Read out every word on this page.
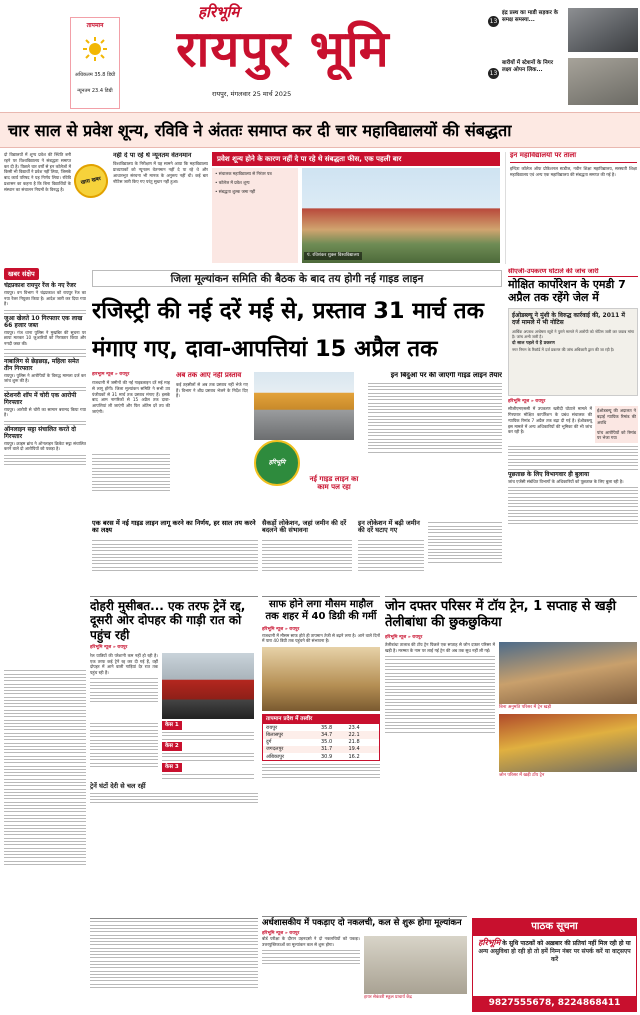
तापमान
अधिकतम 35.8 डिग्री
न्यूनतम 23.4 डिग्री
हरिभूमि
रायपुर भूमि
रायपुर, मंगलवार 25 मार्च 2025
13
इंद्र प्रस्थ का माडी सड़कर के समक्ष समस्या...
13
बारीयों में स्टेशनों के निगर लक्ष्य ओपन लिक...
चार साल से प्रवेश शून्य, रविवि ने अंततः समाप्त कर दी चार महाविद्यालयों की संबद्धता
खास खबर
दो विद्यालयों में शून्य प्रवेश की स्थिति बनी रहने पर विश्वविद्यालय ने संबद्धता समाप्त कर दी है। पिछले चार वर्षों से इन कॉलेजों में किसी भी विद्यार्थी ने प्रवेश नहीं लिया, जिसके बाद कार्य परिषद ने यह निर्णय लिया। रविवि प्रशासन का कहना है कि बिना विद्यार्थियों के संस्थान का संचालन नियमों के विरुद्ध है।
नहीं दे पा रहे थे न्यूनतम वेतनमान
विश्वविद्यालय के निरीक्षण में यह सामने आया कि महाविद्यालय प्राध्यापकों को न्यूनतम वेतनमान नहीं दे पा रहे थे और आधारभूत संरचना भी मानक के अनुरूप नहीं थी। कई बार नोटिस जारी किए गए परंतु सुधार नहीं हुआ।
प्रवेश शून्य होने के कारण नहीं दे पा रहे थे संबद्धता फीस, एक पहली बार
• संचालक महाविद्यालय से निरंतर पत्र
• कॉलेज में प्रवेश शून्य
• संबद्धता शुल्क जमा नहीं
पं. रविशंकर शुक्ल विश्वविद्यालय
इन महाविद्यालयों पर ताला
इन्दिरा कॉलेज ऑफ प्रोफेशनल स्टडीज, नवीन शिक्षा महाविद्यालय, सरस्वती शिक्षा महाविद्यालय एवं अन्य एक महाविद्यालय की संबद्धता समाप्त की गई है।
खबर संक्षेप
चंद्रप्रकाश रायपुर रेंज के नए रेंजर
रायपुर। वन विभाग ने चंद्रप्रकाश को रायपुर रेंज का नया रेंजर नियुक्त किया है। आदेश जारी कर दिया गया है।
जुआ खेलते 10 गिरफ्तार एक लाख 66 हजार जब्त
रायपुर। गंज थाना पुलिस ने मुखबिर की सूचना पर छापा मारकर 10 जुआरियों को गिरफ्तार किया और नगदी जब्त की।
नाबालिग से छेड़छाड़, महिला समेत तीन गिरफ्तार
रायपुर। पुलिस ने आरोपियों के विरुद्ध मामला दर्ज कर जांच शुरू की है।
स्टेशनरी शॉप में चोरी एक आरोपी गिरफ्तार
रायपुर। आरोपी से चोरी का सामान बरामद किया गया है।
ऑनलाइन सट्टा संचालित करते दो गिरफ्तार
रायपुर। क्राइम ब्रांच ने ऑनलाइन क्रिकेट सट्टा संचालित करने वाले दो आरोपियों को पकड़ा है।
जिला मूल्यांकन समिति की बैठक के बाद तय होगी नई गाइड लाइन
रजिस्ट्री की नई दरें मई से, प्रस्ताव 31 मार्च तक मंगाए गए, दावा-आपत्तियां 15 अप्रैल तक
हरिभूमि न्यूज » रायपुर
राजधानी में जमीनों की नई गाइडलाइन दरें मई माह से लागू होंगी। जिला मूल्यांकन समिति ने सभी उप पंजीयकों से 31 मार्च तक प्रस्ताव मंगाए हैं। इसके बाद आम नागरिकों से 15 अप्रैल तक दावा-आपत्तियां ली जाएंगी और फिर अंतिम दरें तय की जाएंगी।
एक बरस में नई गाइड लाइन लागू करने का निर्णय, हर साल तय करने का लक्ष्य
अब तक आए नहीं प्रस्ताव
कई तहसीलों से अब तक प्रस्ताव नहीं भेजे गए हैं। विभाग ने शीघ्र प्रस्ताव भेजने के निर्देश दिए हैं।
हरिभूमि
नई गाइड लाइन का काम पल रहा
सैकड़ों लोकेशन, जहां जमीन की दरें बदलने की संभावना
इन लोकेशन में बढ़ी जमीन की दरें घटाए गए
इन बिंदुओं पर की जाएगी गाइड लाइन तैयार
सीएजी-उपकरण घोटाले की जांच जारी
मोक्षित कार्पोरेशन के एमडी 7 अप्रैल तक रहेंगे जेल में
ईओडब्ल्यू ने मुंशी के विरुद्ध कार्रवाई की, 2011 में दर्ज मामले में भी नोटिस
आर्थिक अपराध अन्वेषण ब्यूरो ने पुराने मामले में आरोपी को नोटिस जारी कर जवाब मांगा है। जांच अभी जारी है।
दो साल पहले ये है प्रकरण
नगर निगम के रिकॉर्ड में दर्ज प्रकरण की जांच अधिकारी द्वारा की जा रही है।
हरिभूमि न्यूज » रायपुर
सीजीएमएससी में उपकरण खरीदी घोटाले मामले में गिरफ्तार मोक्षित कार्पोरेशन के प्रबंध संचालक की न्यायिक रिमांड 7 अप्रैल तक बढ़ा दी गई है। ईओडब्ल्यू इस मामले में अन्य अधिकारियों की भूमिका की भी जांच कर रही है।
ईओडब्ल्यू की अदालत ने बढ़ाई न्यायिक रिमांड की अवधि
पांच आरोपियों को रिमांड पर भेजा गया
पूछताछ के लिए विभागवार ही बुलाया
जांच एजेंसी संबंधित विभागों के अधिकारियों को पूछताछ के लिए बुला रही है।
दोहरी मुसीबत... एक तरफ ट्रेनें रद्द, दूसरी ओर दोपहर की गाड़ी रात को पहुंच रही
हरिभूमि न्यूज » रायपुर
रेल यात्रियों की परेशानी कम नहीं हो रही है। एक तरफ कई ट्रेनें रद्द कर दी गई हैं, वहीं दोपहर में आने वाली गाड़ियां देर रात तक पहुंच रही हैं।
केस 1
केस 2
केस 3
ट्रेनें घंटों देरी से चल रहीं
साफ होने लगा मौसम माहौल तक शहर में 40 डिग्री की गर्मी
हरिभूमि न्यूज » रायपुर
राजधानी में मौसम साफ होते ही तापमान तेजी से बढ़ने लगा है। आने वाले दिनों में पारा 40 डिग्री तक पहुंचने की संभावना है।
तापमान प्रदेश में तस्वीर
रायपुर	35.8	23.4
बिलासपुर	34.7	22.1
दुर्ग	35.0	21.8
जगदलपुर	31.7	19.4
अंबिकापुर	30.9	16.2
जोन दफ्तर परिसर में टॉय ट्रेन, 1 सप्ताह से खड़ी तेलीबांधा की छुकछुकिया
हरिभूमि न्यूज » रायपुर
तेलीबांधा तालाब की टॉय ट्रेन पिछले एक सप्ताह से जोन दफ्तर परिसर में खड़ी है। मरम्मत के नाम पर लाई गई ट्रेन की अब तक सुध नहीं ली गई।
बिना अनुमति परिसर में ट्रेन खड़ी
जोन परिसर में खड़ी टॉय ट्रेन
अर्धशासकीय में पकड़ाए दो नकलची, कल से शुरू होगा मूल्यांकन
हरिभूमि न्यूज » रायपुर
बोर्ड परीक्षा के दौरान उड़नदस्ते ने दो नकलचियों को पकड़ा। उत्तरपुस्तिकाओं का मूल्यांकन कल से शुरू होगा।
हायर सेकंडरी स्कूल प्राचार्य केंद्र
पाठक सूचना
हरिभूमि के सुधि पाठकों को अख़बार की प्रतियां नहीं मिल रही हो या
अन्य असुविधा हो रही हो तो हमें निम्न नंबर पर संपर्क करें या वाट्सएप करें
9827555678, 8224868411
